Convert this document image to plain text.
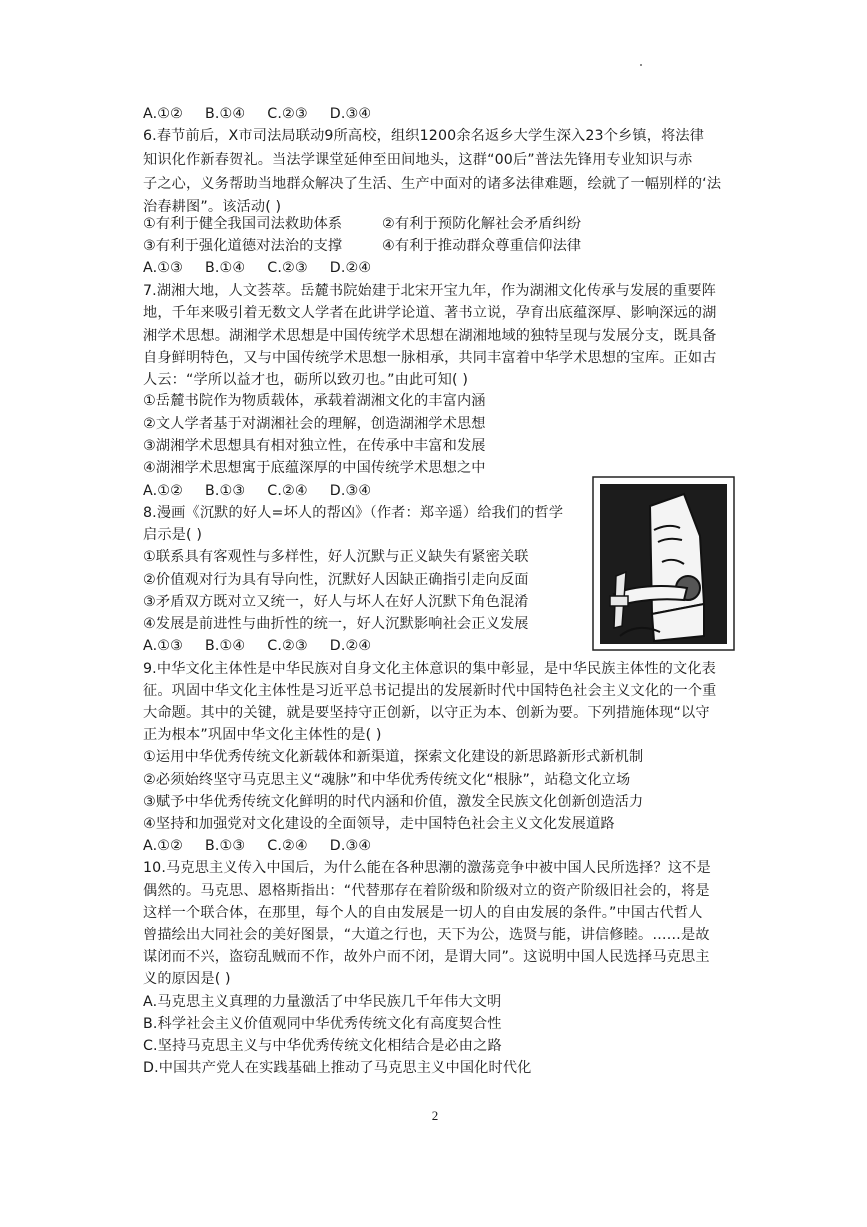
A.①② B.①④ C.②③ D.③④
6.春节前后，X市司法局联动9所高校，组织1200余名返乡大学生深入23个乡镇，将法律
知识化作新春贺礼。当法学课堂延伸至田间地头，这群“00后”普法先锋用专业知识与赤
子之心，义务帮助当地群众解决了生活、生产中面对的诸多法律难题，绘就了一幅别样的‘法
治春耕图”。该活动( )
①有利于健全我国司法救助体系	②有利于预防化解社会矛盾纠纷
③有利于强化道德对法治的支撑	④有利于推动群众尊重信仰法律
A.①③ B.①④ C.②③ D.②④
7.湖湘大地，人文荟萃。岳麓书院始建于北宋开宝九年，作为湖湘文化传承与发展的重要阵
地，千年来吸引着无数文人学者在此讲学论道、著书立说，孕育出底蕴深厚、影响深远的湖
湘学术思想。湖湘学术思想是中国传统学术思想在湖湘地域的独特呈现与发展分支，既具备
自身鲜明特色，又与中国传统学术思想一脉相承，共同丰富着中华学术思想的宝库。正如古
人云：“学所以益才也，砺所以致刃也。”由此可知( )
①岳麓书院作为物质载体，承载着湖湘文化的丰富内涵
②文人学者基于对湖湘社会的理解，创造湖湘学术思想
③湖湘学术思想具有相对独立性，在传承中丰富和发展
④湖湘学术思想寓于底蕴深厚的中国传统学术思想之中
A.①② B.①③ C.②④ D.③④
8.漫画《沉默的好人=坏人的帮凶》（作者：郑辛遥）给我们的哲学
启示是( )
①联系具有客观性与多样性，好人沉默与正义缺失有紧密关联
②价值观对行为具有导向性，沉默好人因缺正确指引走向反面
③矛盾双方既对立又统一，好人与坏人在好人沉默下角色混淆
④发展是前进性与曲折性的统一，好人沉默影响社会正义发展
A.①③ B.①④ C.②③ D.②④
9.中华文化主体性是中华民族对自身文化主体意识的集中彰显，是中华民族主体性的文化表
征。巩固中华文化主体性是习近平总书记提出的发展新时代中国特色社会主义文化的一个重
大命题。其中的关键，就是要坚持守正创新，以守正为本、创新为要。下列措施体现“以守
正为根本”巩固中华文化主体性的是( )
①运用中华优秀传统文化新载体和新渠道，探索文化建设的新思路新形式新机制
②必须始终坚守马克思主义“魂脉”和中华优秀传统文化“根脉”，站稳文化立场
③赋予中华优秀传统文化鲜明的时代内涵和价值，激发全民族文化创新创造活力
④坚持和加强党对文化建设的全面领导，走中国特色社会主义文化发展道路
A.①② B.①③ C.②④ D.③④
10.马克思主义传入中国后，为什么能在各种思潮的激荡竞争中被中国人民所选择？这不是
偶然的。马克思、恩格斯指出：“代替那存在着阶级和阶级对立的资产阶级旧社会的，将是
这样一个联合体，在那里，每个人的自由发展是一切人的自由发展的条件。”中国古代哲人
曾描绘出大同社会的美好图景，“大道之行也，天下为公，选贤与能，讲信修睦。……是故
谋闭而不兴，盗窃乱贼而不作，故外户而不闭，是谓大同”。这说明中国人民选择马克思主
义的原因是( )
A.马克思主义真理的力量激活了中华民族几千年伟大文明
B.科学社会主义价值观同中华优秀传统文化有高度契合性
C.坚持马克思主义与中华优秀传统文化相结合是必由之路
D.中国共产党人在实践基础上推动了马克思主义中国化时代化
2
